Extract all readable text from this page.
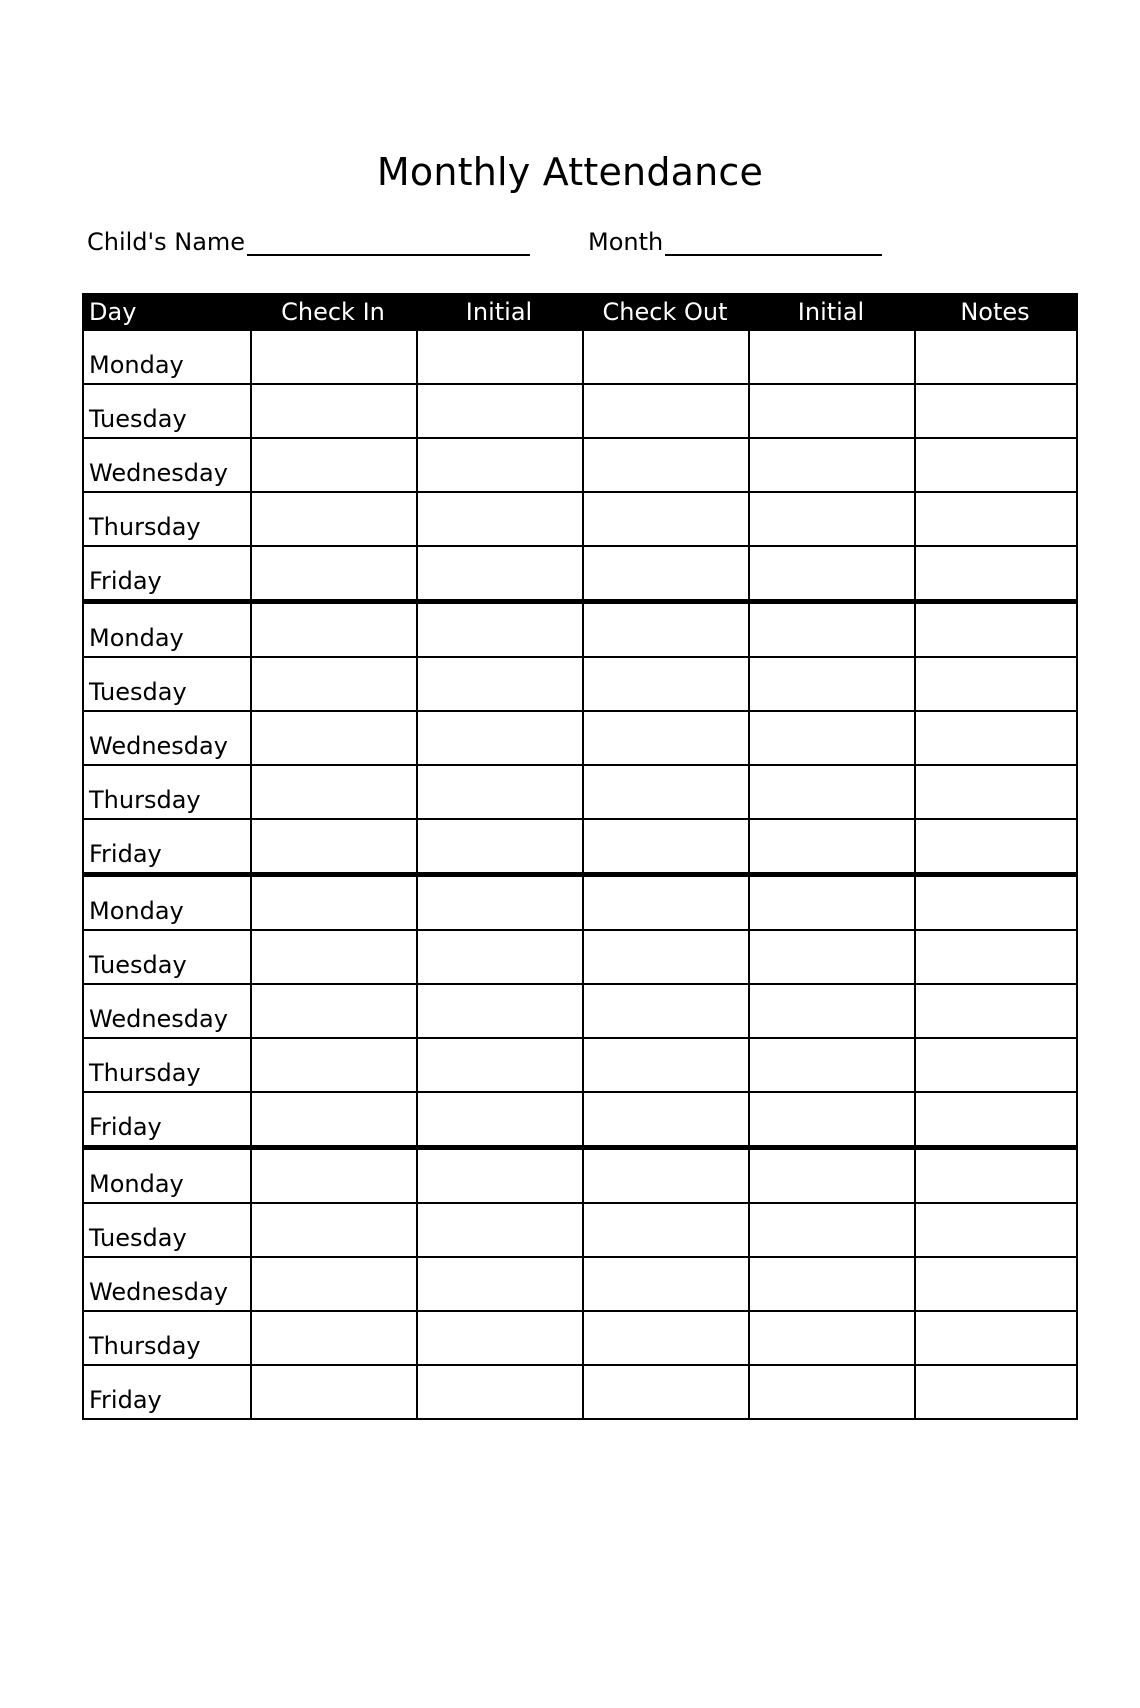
Monthly Attendance
Child's Name	Month
Day	Check In	Initial	Check Out	Initial	Notes
Monday
Tuesday
Wednesday
Thursday
Friday
Monday
Tuesday
Wednesday
Thursday
Friday
Monday
Tuesday
Wednesday
Thursday
Friday
Monday
Tuesday
Wednesday
Thursday
Friday
